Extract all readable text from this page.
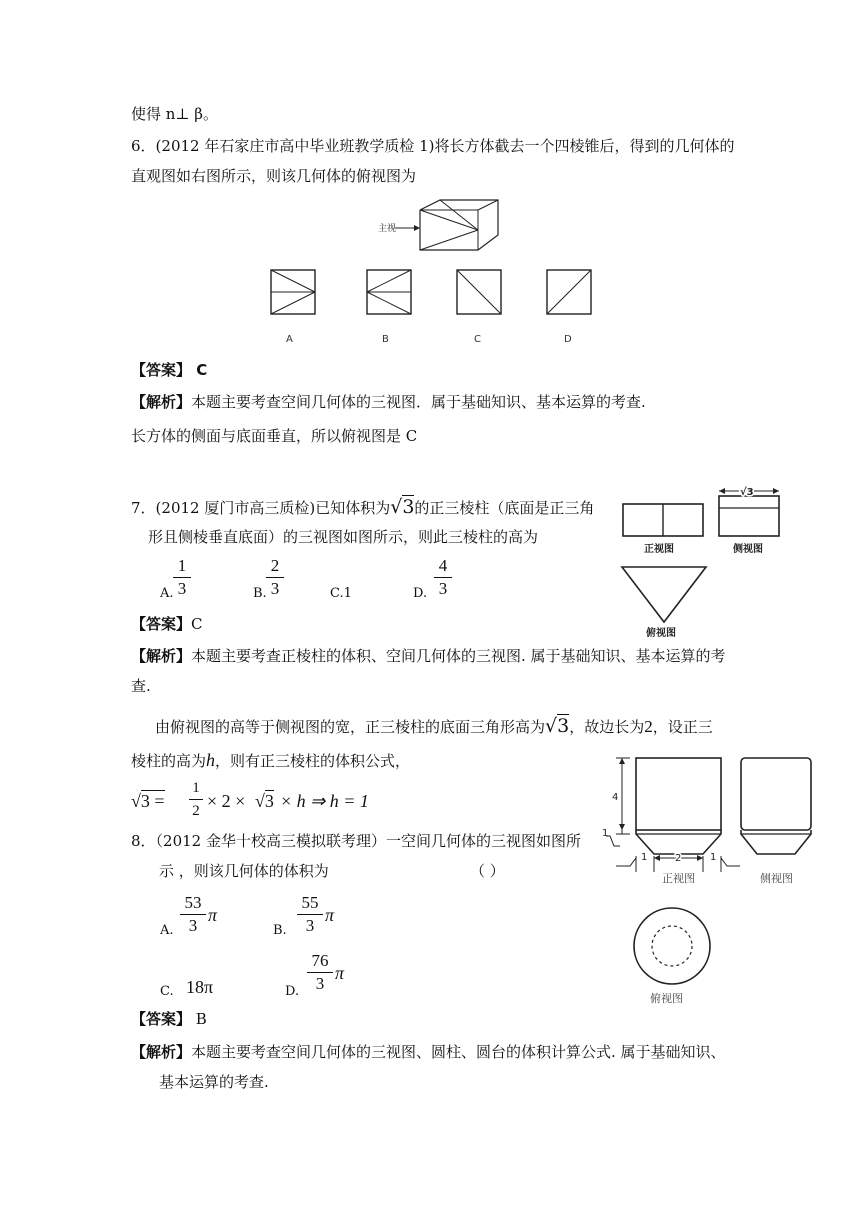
使得 n⊥ β。
6．(2012 年石家庄市高中毕业班教学质检 1)将长方体截去一个四棱锥后，得到的几何体的
直观图如右图所示，则该几何体的俯视图为
主视
A	B	C	D
【答案】 C
【解析】本题主要考查空间几何体的三视图．属于基础知识、基本运算的考查.
长方体的侧面与底面垂直，所以俯视图是 C
7．(2012 厦门市高三质检)已知体积为√3的正三棱柱（底面是正三角
形且侧棱垂直底面）的三视图如图所示，则此三棱柱的高为
A.
1
3	B.
2
3	C.1	D.
4
3
正视图
√3
侧视图
俯视图
【答案】C
【解析】本题主要考查正棱柱的体积、空间几何体的三视图. 属于基础知识、基本运算的考
查.
由俯视图的高等于侧视图的宽，正三棱柱的底面三角形高为√3，故边长为2，设正三
棱柱的高为h，则有正三棱柱的体积公式，
√3 =
1
2 × 2 × √3 × h ⇒ h = 1
8．（2012 金华十校高三模拟联考理）一空间几何体的三视图如图所
示 ，则该几何体的体积为	（ ）
A.
53
3
π
B.
55
3
π
C. 18π	D.
76
3
π
4
1
1	2	1
正视图	侧视图
俯视图
【答案】 B
【解析】本题主要考查空间几何体的三视图、圆柱、圆台的体积计算公式. 属于基础知识、
基本运算的考查.
